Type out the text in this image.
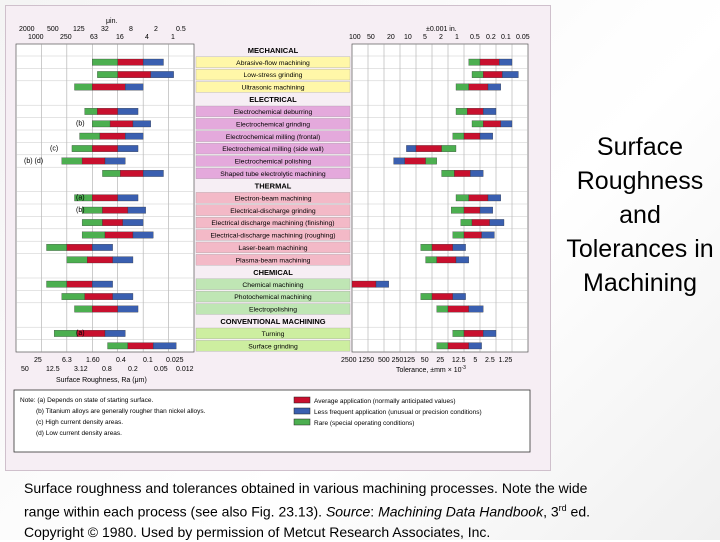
μin.
2000 500 125 32	8	2	0.5
1000 250	63	16	4	1
±0.001 in.
100 50 20 10 5 2 1 0.5 0.2 0.1 0.05
MECHANICAL
ELECTRICAL
THERMAL
CHEMICAL
CONVENTIONAL MACHINING
Abrasive-flow machining
Low-stress grinding
Ultrasonic machining
Electrochemical deburring
Electrochemical grinding
Electrochemical milling (frontal)
Electrochemical milling (side wall)
Electrochemical polishing
Shaped tube electrolytic machining
Electron-beam machining
Electrical-discharge grinding
Electrical discharge machining (finishing)
Electrical-discharge machining (roughing)
Laser-beam machining
Plasma-beam machining
Chemical machining
Photochemical machining
Electropolishing
Turning
Surface grinding
(b)
(c)
(b) (d)
(a)
(b)
(a)
25	6.3 1.60 0.4 0.1 0.025
50 12.5 3.12 0.8 0.2 0.05 0.012
Surface Roughness, Ra (μm)
2500 1250  500 250125   50    25    12.5    5    2.5  1.25
Tolerance, $\pm mm \times 10^{-3}$
Note: (a) Depends on state of starting surface.
(b) Titanium alloys are generally rougher than nickel alloys.
(c) High current density areas.
(d) Low current density areas.
Average application (normally anticipated values)
Less frequent application (unusual or precision conditions)
Rare (special operating conditions)
Surface Roughness and Tolerances in Machining
Surface roughness and tolerances obtained in various machining processes. Note the wide
range within each process (see also Fig. 23.13). Source: Machining Data Handbook, 3rd ed.
Copyright © 1980. Used by permission of Metcut Research Associates, Inc.
